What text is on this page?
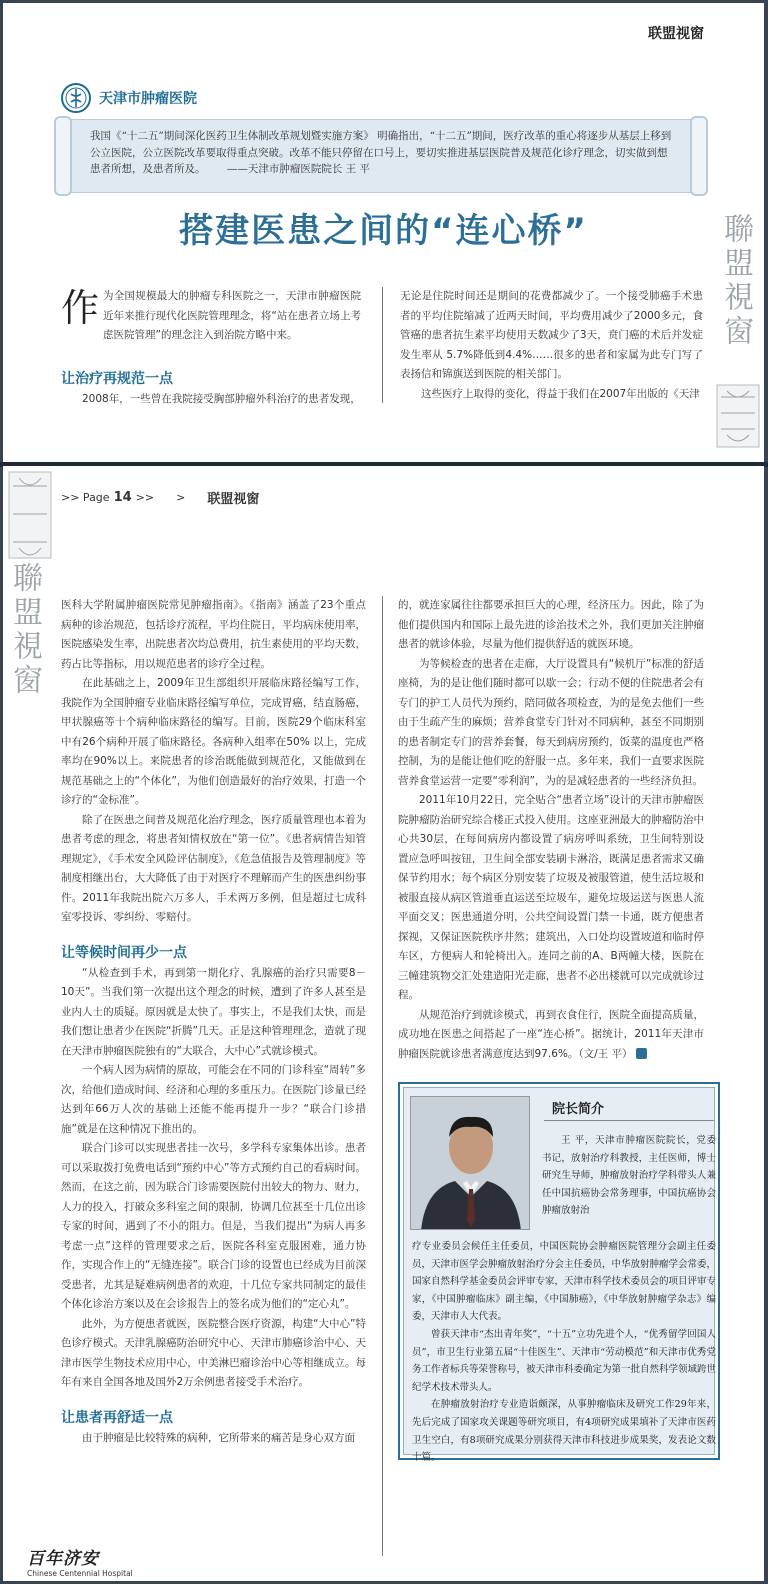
联盟视窗
天津市肿瘤医院
我国《“十二五”期间深化医药卫生体制改革规划暨实施方案》 明确指出，“十二五”期间，医疗改革的重心将逐步从基层上移到公立医院，公立医院改革要取得重点突破。改革不能只停留在口号上，要切实推进基层医院普及规范化诊疗理念，切实做到想患者所想，及患者所及。 ——天津市肿瘤医院院长 王 平
搭建医患之间的“连心桥”	聯盟視窗

作为全国规模最大的肿瘤专科医院之一，天津市肿瘤医院近年来推行现代化医院管理理念，将“站在患者立场上考虑医院管理”的理念注入到治院方略中来。

让治疗再规范一点

2008年，一些曾在我院接受胸部肿瘤外科治疗的患者发现，

无论是住院时间还是期间的花费都减少了。一个接受肺癌手术患者的平均住院缩减了近两天时间，平均费用减少了2000多元，食管癌的患者抗生素平均使用天数减少了3天，贲门癌的术后并发症发生率从 5.7%降低到4.4%……很多的患者和家属为此专门写了表扬信和锦旗送到医院的相关部门。

这些医疗上取得的变化，得益于我们在2007年出版的《天津

聯盟視窗
>> Page 14 >> > 联盟视窗

医科大学附属肿瘤医院常见肿瘤指南》。《指南》涵盖了23个重点病种的诊治规范，包括诊疗流程，平均住院日，平均病床使用率，医院感染发生率，出院患者次均总费用，抗生素使用的平均天数，药占比等指标，用以规范患者的诊疗全过程。

在此基础之上，2009年卫生部组织开展临床路径编写工作，我院作为全国肿瘤专业临床路径编写单位，完成胃癌，结直肠癌，甲状腺癌等十个病种临床路径的编写。目前，医院29个临床科室中有26个病种开展了临床路径。各病种入组率在50% 以上，完成率均在90%以上。来院患者的诊治既能做到规范化，又能做到在规范基础之上的“个体化”，为他们创造最好的治疗效果，打造一个诊疗的“金标准”。

除了在医患之间普及规范化治疗理念，医疗质量管理也本着为患者考虑的理念，将患者知情权放在“第一位”。《患者病情告知管理规定》，《手术安全风险评估制度》，《危急值报告及管理制度》等制度相继出台，大大降低了由于对医疗不理解而产生的医患纠纷事件。2011年我院出院六万多人，手术两万多例，但是超过七成科室零投诉、零纠纷、零赔付。

让等候时间再少一点

“从检查到手术，再到第一期化疗、乳腺癌的治疗只需要8－10天”。当我们第一次提出这个理念的时候，遭到了许多人甚至是业内人士的质疑。原因就是太快了。事实上，不是我们太快，而是我们想让患者少在医院“折腾”几天。正是这种管理理念，造就了现在天津市肿瘤医院独有的“大联合，大中心”式就诊模式。

一个病人因为病情的原故，可能会在不同的门诊科室“周转”多次，给他们造成时间、经济和心理的多重压力。在医院门诊量已经达到年66万人次的基础上还能不能再提升一步？“联合门诊措施”就是在这种情况下推出的。

联合门诊可以实现患者挂一次号，多学科专家集体出诊。患者可以采取拨打免费电话到“预约中心”等方式预约自己的看病时间。然而，在这之前，因为联合门诊需要医院付出较大的物力、财力，人力的投入，打破众多科室之间的限制，协调几位甚至十几位出诊专家的时间，遇到了不小的阻力。但是，当我们提出“为病人再多考虑一点”这样的管理要求之后，医院各科室克服困难，通力协作，实现合作上的“无缝连接”。联合门诊的设置也已经成为目前深受患者，尤其是疑难病例患者的欢迎，十几位专家共同制定的最佳个体化诊治方案以及在会诊报告上的签名成为他们的“定心丸”。

此外，为方便患者就医，医院整合医疗资源，构建“大中心”特色诊疗模式。天津乳腺癌防治研究中心、天津市肺癌诊治中心、天津市医学生物技术应用中心，中美淋巴瘤诊治中心等相继成立。每年有来自全国各地及国外2万余例患者接受手术治疗。

让患者再舒适一点

由于肿瘤是比较特殊的病种，它所带来的痛苦是身心双方面

的，就连家属往往都要承担巨大的心理，经济压力。因此，除了为他们提供国内和国际上最先进的诊治技术之外，我们更加关注肿瘤患者的就诊体验，尽量为他们提供舒适的就医环境。

为等候检查的患者在走廊，大厅设置具有“候机厅”标准的舒适座椅，为的是让他们随时都可以歇一会；行动不便的住院患者会有专门的护工人员代为预约，陪同做各项检查，为的是免去他们一些由于生疏产生的麻烦；营养食堂专门针对不同病种，甚至不同期别的患者制定专门的营养套餐，每天到病房预约，饭菜的温度也严格控制，为的是能让他们吃的舒服一点。多年来，我们一直要求医院营养食堂运营一定要“零利润”，为的是减轻患者的一些经济负担。

2011年10月22日，完全贴合“患者立场”设计的天津市肿瘤医院肿瘤防治研究综合楼正式投入使用。这座亚洲最大的肿瘤防治中心共30层，在每间病房内都设置了病房呼叫系统，卫生间特别设置应急呼叫按钮，卫生间全部安装刷卡淋浴，既满足患者需求又确保节约用水；每个病区分别安装了垃圾及被服管道，使生活垃圾和被服直接从病区管道垂直运送至垃圾车，避免垃圾运送与医患人流平面交叉；医患通道分明，公共空间设置门禁一卡通，既方便患者探视，又保证医院秩序井然；建筑出，入口处均设置坡道和临时停车区，方便病人和轮椅出入。连同之前的A、B两幢大楼，医院在三幢建筑物交汇处建造阳光走廊，患者不必出楼就可以完成就诊过程。

从规范治疗到就诊模式，再到衣食住行，医院全面提高质量，成功地在医患之间搭起了一座“连心桥”。据统计，2011年天津市肿瘤医院就诊患者满意度达到97.6%。（文/王 平）	百

院长简介

王 平，天津市肿瘤医院院长，党委书记，放射治疗科教授，主任医师，博士研究生导师，肿瘤放射治疗学科带头人兼任中国抗癌协会常务理事，中国抗癌协会肿瘤放射治

疗专业委员会候任主任委员，中国医院协会肿瘤医院管理分会副主任委员，天津市医学会肿瘤放射治疗分会主任委员，中华放射肿瘤学会常委，国家自然科学基金委员会评审专家，天津市科学技术委员会的项目评审专家，《中国肿瘤临床》副主编，《中国肺癌》，《中华放射肿瘤学杂志》编委，天津市人大代表。

曾获天津市“杰出青年奖”，“十五”立功先进个人，“优秀留学回国人员”，市卫生行业第五届“十佳医生”、天津市“劳动模范”和天津市优秀党务工作者标兵等荣誉称号，被天津市科委确定为第一批自然科学领域跨世纪学术技术带头人。

在肿瘤放射治疗专业造诣颇深，从事肿瘤临床及研究工作29年来，先后完成了国家攻关课题等研究项目，有4项研究成果填补了天津市医药卫生空白，有8项研究成果分别获得天津市科技进步成果奖，发表论文数十篇。

百年济安
Chinese Centennial Hospital
